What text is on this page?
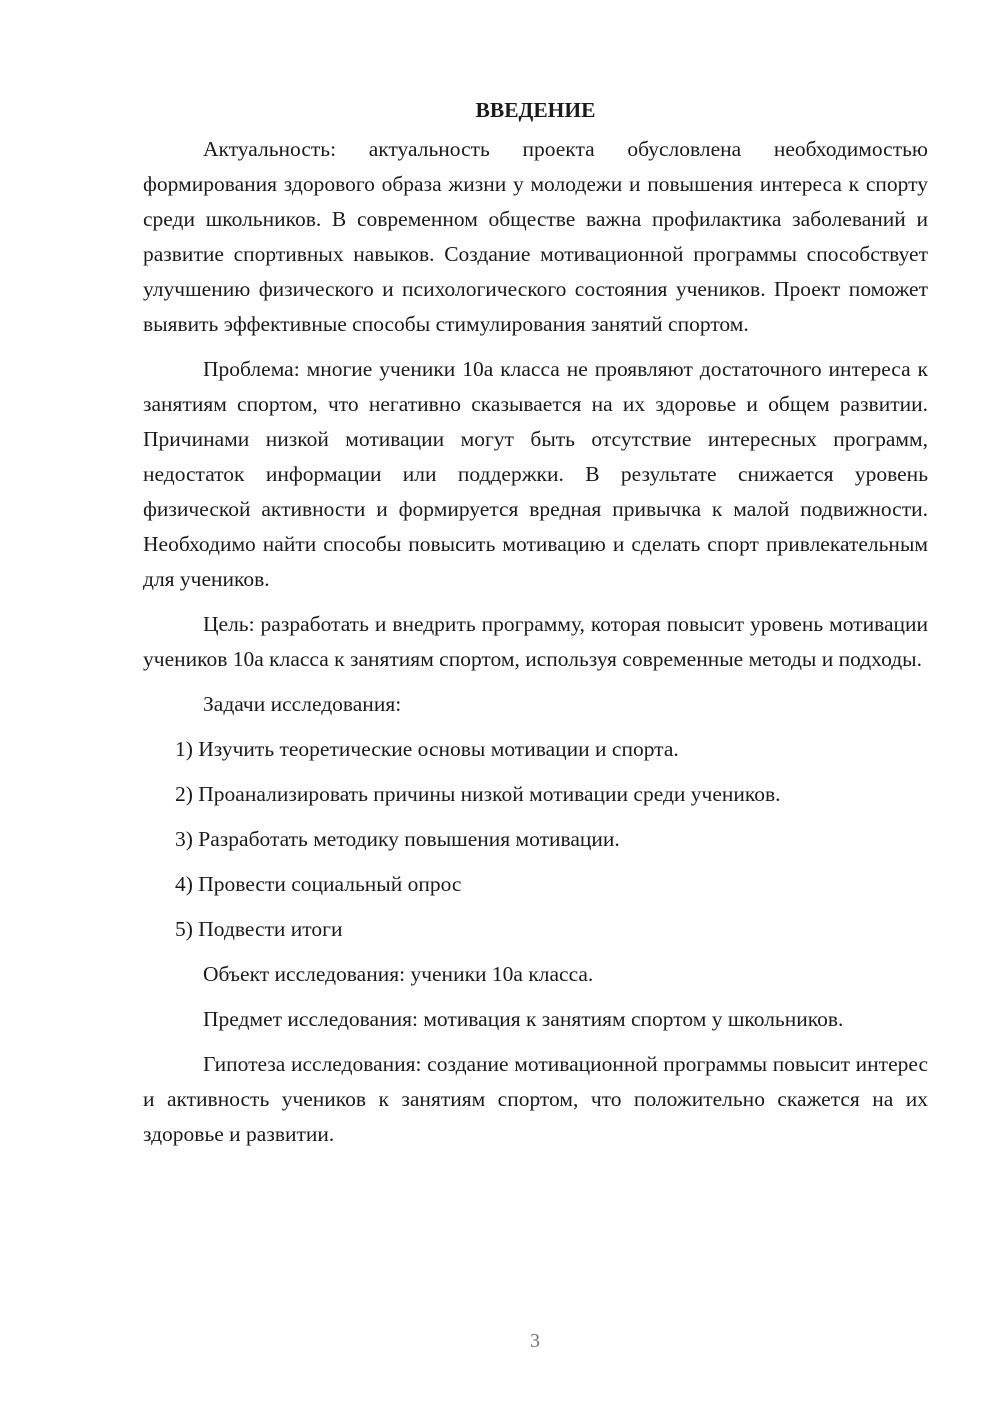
ВВЕДЕНИЕ

Актуальность: актуальность проекта обусловлена необходимостью формирования здорового образа жизни у молодежи и повышения интереса к спорту среди школьников. В современном обществе важна профилактика заболеваний и развитие спортивных навыков. Создание мотивационной программы способствует улучшению физического и психологического состояния учеников. Проект поможет выявить эффективные способы стимулирования занятий спортом.

Проблема: многие ученики 10а класса не проявляют достаточного интереса к занятиям спортом, что негативно сказывается на их здоровье и общем развитии. Причинами низкой мотивации могут быть отсутствие интересных программ, недостаток информации или поддержки. В результате снижается уровень физической активности и формируется вредная привычка к малой подвижности. Необходимо найти способы повысить мотивацию и сделать спорт привлекательным для учеников.

Цель: разработать и внедрить программу, которая повысит уровень мотивации учеников 10а класса к занятиям спортом, используя современные методы и подходы.

Задачи исследования:

1) Изучить теоретические основы мотивации и спорта.
2) Проанализировать причины низкой мотивации среди учеников.
3) Разработать методику повышения мотивации.
4) Провести социальный опрос
5) Подвести итоги

Объект исследования: ученики 10а класса.

Предмет исследования: мотивация к занятиям спортом у школьников.

Гипотеза исследования: создание мотивационной программы повысит интерес и активность учеников к занятиям спортом, что положительно скажется на их здоровье и развитии.

3
